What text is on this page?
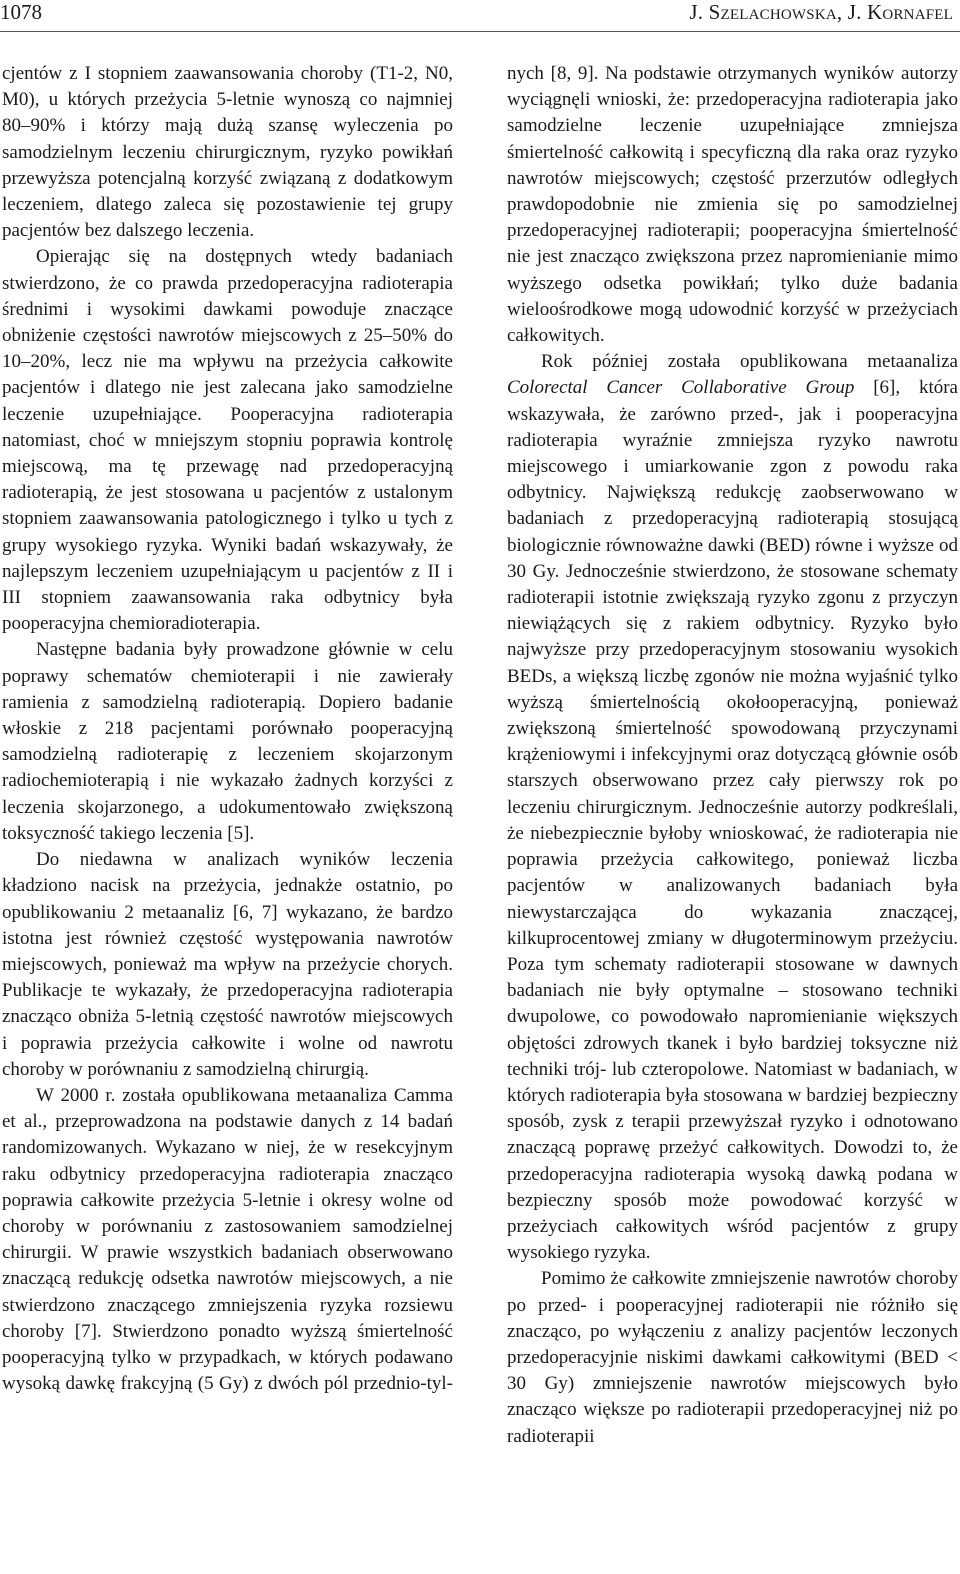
1078	J. Szelachowska, J. Kornafel

cjentów z I stopniem zaawansowania choroby (T1-2, N0, M0), u których przeżycia 5-letnie wynoszą co najmniej 80–90% i którzy mają dużą szansę wyleczenia po samodzielnym leczeniu chirurgicznym, ryzyko powikłań przewyższa potencjalną korzyść związaną z dodatkowym leczeniem, dlatego zaleca się pozostawienie tej grupy pacjentów bez dalszego leczenia.

Opierając się na dostępnych wtedy badaniach stwierdzono, że co prawda przedoperacyjna radioterapia średnimi i wysokimi dawkami powoduje znaczące obniżenie częstości nawrotów miejscowych z 25–50% do 10–20%, lecz nie ma wpływu na przeżycia całkowite pacjentów i dlatego nie jest zalecana jako samodzielne leczenie uzupełniające. Pooperacyjna radioterapia natomiast, choć w mniejszym stopniu poprawia kontrolę miejscową, ma tę przewagę nad przedoperacyjną radioterapią, że jest stosowana u pacjentów z ustalonym stopniem zaawansowania patologicznego i tylko u tych z grupy wysokiego ryzyka. Wyniki badań wskazywały, że najlepszym leczeniem uzupełniającym u pacjentów z II i III stopniem zaawansowania raka odbytnicy była pooperacyjna chemioradioterapia.

Następne badania były prowadzone głównie w celu poprawy schematów chemioterapii i nie zawierały ramienia z samodzielną radioterapią. Dopiero badanie włoskie z 218 pacjentami porównało pooperacyjną samodzielną radioterapię z leczeniem skojarzonym radiochemioterapią i nie wykazało żadnych korzyści z leczenia skojarzonego, a udokumentowało zwiększoną toksyczność takiego leczenia [5].

Do niedawna w analizach wyników leczenia kładziono nacisk na przeżycia, jednakże ostatnio, po opublikowaniu 2 metaanaliz [6, 7] wykazano, że bardzo istotna jest również częstość występowania nawrotów miejscowych, ponieważ ma wpływ na przeżycie chorych. Publikacje te wykazały, że przedoperacyjna radioterapia znacząco obniża 5-letnią częstość nawrotów miejscowych i poprawia przeżycia całkowite i wolne od nawrotu choroby w porównaniu z samodzielną chirurgią.

W 2000 r. została opublikowana metaanaliza Camma et al., przeprowadzona na podstawie danych z 14 badań randomizowanych. Wykazano w niej, że w resekcyjnym raku odbytnicy przedoperacyjna radioterapia znacząco poprawia całkowite przeżycia 5-letnie i okresy wolne od choroby w porównaniu z zastosowaniem samodzielnej chirurgii. W prawie wszystkich badaniach obserwowano znaczącą redukcję odsetka nawrotów miejscowych, a nie stwierdzono znaczącego zmniejszenia ryzyka rozsiewu choroby [7]. Stwierdzono ponadto wyższą śmiertelność pooperacyjną tylko w przypadkach, w których podawano wysoką dawkę frakcyjną (5 Gy) z dwóch pól przednio-tyl-

nych [8, 9]. Na podstawie otrzymanych wyników autorzy wyciągnęli wnioski, że: przedoperacyjna radioterapia jako samodzielne leczenie uzupełniające zmniejsza śmiertelność całkowitą i specyficzną dla raka oraz ryzyko nawrotów miejscowych; częstość przerzutów odległych prawdopodobnie nie zmienia się po samodzielnej przedoperacyjnej radioterapii; pooperacyjna śmiertelność nie jest znacząco zwiększona przez napromienianie mimo wyższego odsetka powikłań; tylko duże badania wieloośrodkowe mogą udowodnić korzyść w przeżyciach całkowitych.

Rok później została opublikowana metaanaliza Colorectal Cancer Collaborative Group [6], która wskazywała, że zarówno przed-, jak i pooperacyjna radioterapia wyraźnie zmniejsza ryzyko nawrotu miejscowego i umiarkowanie zgon z powodu raka odbytnicy. Największą redukcję zaobserwowano w badaniach z przedoperacyjną radioterapią stosującą biologicznie równoważne dawki (BED) równe i wyższe od 30 Gy. Jednocześnie stwierdzono, że stosowane schematy radioterapii istotnie zwiększają ryzyko zgonu z przyczyn niewiążących się z rakiem odbytnicy. Ryzyko było najwyższe przy przedoperacyjnym stosowaniu wysokich BEDs, a większą liczbę zgonów nie można wyjaśnić tylko wyższą śmiertelnością okołooperacyjną, ponieważ zwiększoną śmiertelność spowodowaną przyczynami krążeniowymi i infekcyjnymi oraz dotyczącą głównie osób starszych obserwowano przez cały pierwszy rok po leczeniu chirurgicznym. Jednocześnie autorzy podkreślali, że niebezpiecznie byłoby wnioskować, że radioterapia nie poprawia przeżycia całkowitego, ponieważ liczba pacjentów w analizowanych badaniach była niewystarczająca do wykazania znaczącej, kilkuprocentowej zmiany w długoterminowym przeżyciu. Poza tym schematy radioterapii stosowane w dawnych badaniach nie były optymalne – stosowano techniki dwupolowe, co powodowało napromienianie większych objętości zdrowych tkanek i było bardziej toksyczne niż techniki trój- lub czteropolowe. Natomiast w badaniach, w których radioterapia była stosowana w bardziej bezpieczny sposób, zysk z terapii przewyższał ryzyko i odnotowano znaczącą poprawę przeżyć całkowitych. Dowodzi to, że przedoperacyjna radioterapia wysoką dawką podana w bezpieczny sposób może powodować korzyść w przeżyciach całkowitych wśród pacjentów z grupy wysokiego ryzyka.

Pomimo że całkowite zmniejszenie nawrotów choroby po przed- i pooperacyjnej radioterapii nie różniło się znacząco, po wyłączeniu z analizy pacjentów leczonych przedoperacyjnie niskimi dawkami całkowitymi (BED < 30 Gy) zmniejszenie nawrotów miejscowych było znacząco większe po radioterapii przedoperacyjnej niż po radioterapii
